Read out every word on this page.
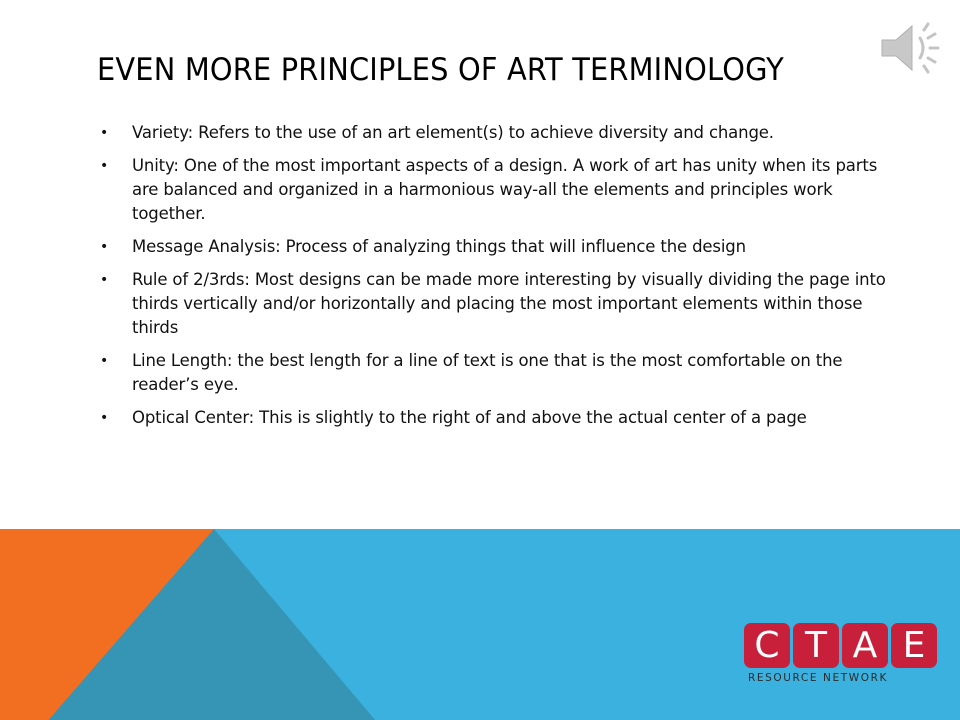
EVEN MORE PRINCIPLES OF ART TERMINOLOGY
• Variety: Refers to the use of an art element(s) to achieve diversity and change.
• Unity: One of the most important aspects of a design. A work of art has unity when its parts are balanced and organized in a harmonious way-all the elements and principles work together.
• Message Analysis: Process of analyzing things that will influence the design
• Rule of 2/3rds: Most designs can be made more interesting by visually dividing the page into thirds vertically and/or horizontally and placing the most important elements within those thirds
• Line Length: the best length for a line of text is one that is the most comfortable on the reader’s eye.
• Optical Center: This is slightly to the right of and above the actual center of a page
C T A E
RESOURCE NETWORK
